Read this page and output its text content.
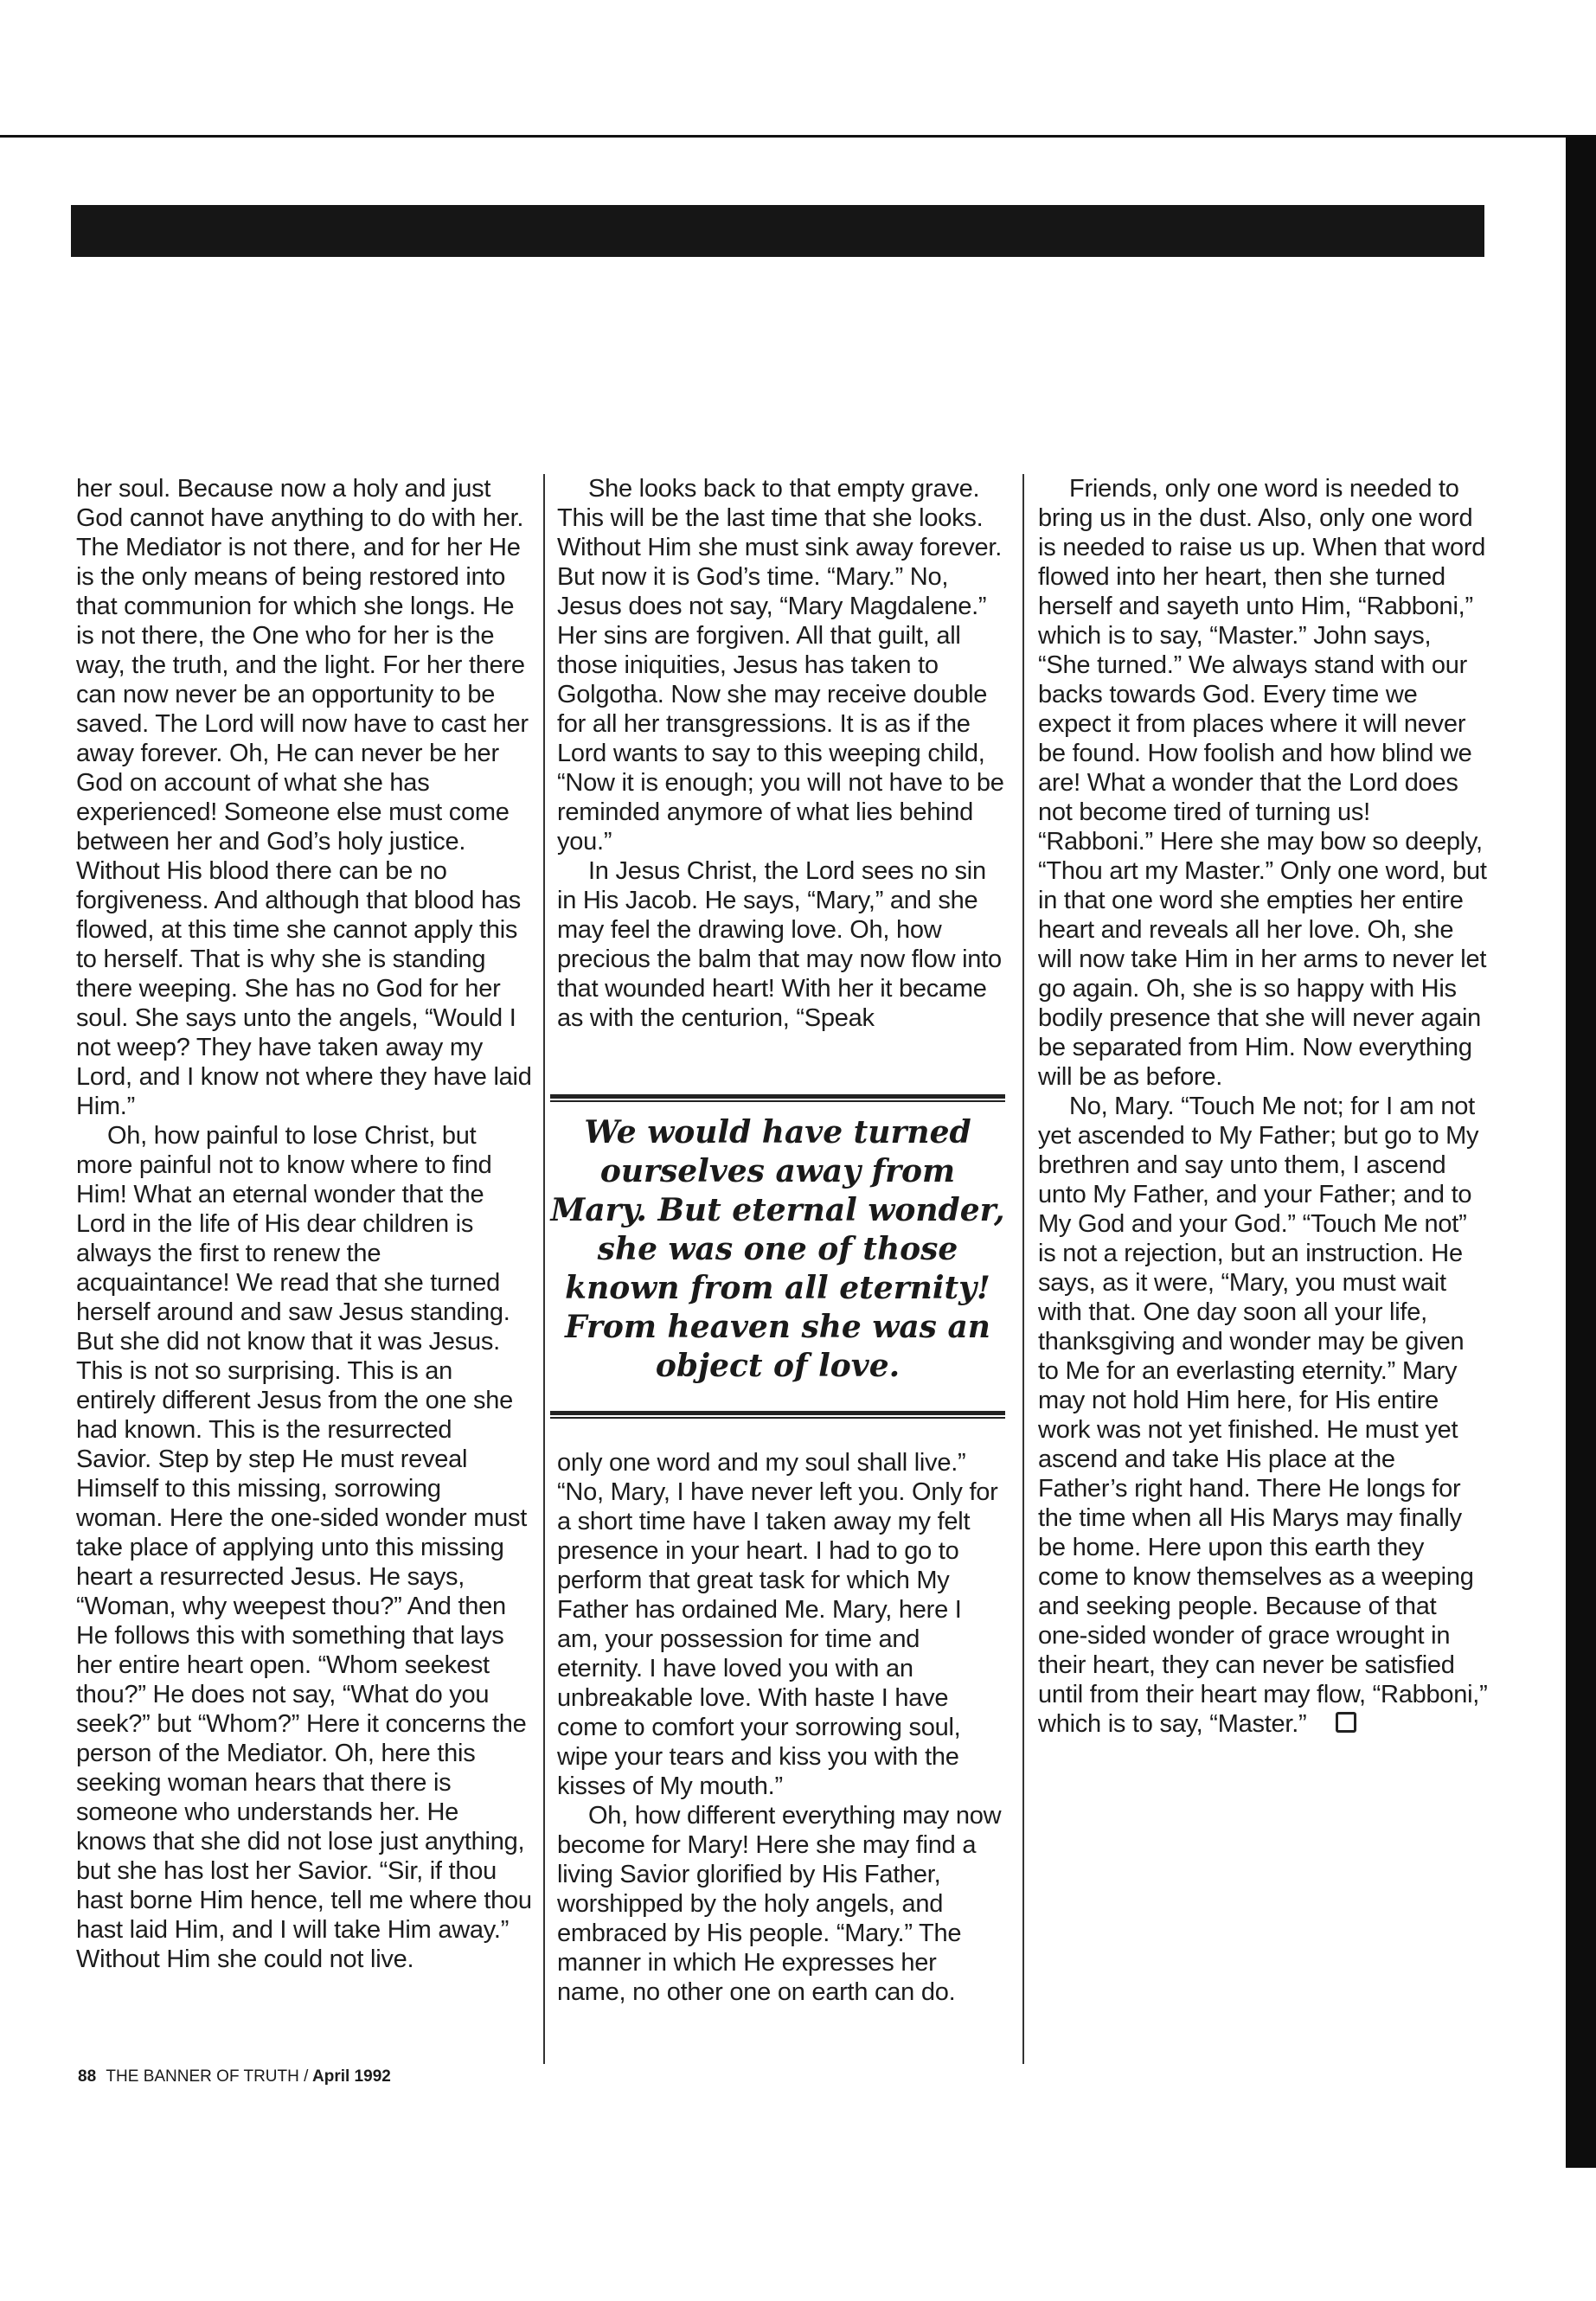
her soul. Because now a holy and just God cannot have anything to do with her. The Mediator is not there, and for her He is the only means of being restored into that communion for which she longs. He is not there, the One who for her is the way, the truth, and the light. For her there can now never be an opportunity to be saved. The Lord will now have to cast her away forever. Oh, He can never be her God on account of what she has experienced! Someone else must come between her and God’s holy justice. Without His blood there can be no forgiveness. And although that blood has flowed, at this time she cannot apply this to herself. That is why she is standing there weeping. She has no God for her soul. She says unto the angels, “Would I not weep? They have taken away my Lord, and I know not where they have laid Him.”

Oh, how painful to lose Christ, but more painful not to know where to find Him! What an eternal wonder that the Lord in the life of His dear children is always the first to renew the acquaintance! We read that she turned herself around and saw Jesus standing. But she did not know that it was Jesus. This is not so surprising. This is an entirely different Jesus from the one she had known. This is the resurrected Savior. Step by step He must reveal Himself to this missing, sorrowing woman. Here the one-sided wonder must take place of applying unto this missing heart a resurrected Jesus. He says, “Woman, why weepest thou?” And then He follows this with something that lays her entire heart open. “Whom seekest thou?” He does not say, “What do you seek?” but “Whom?” Here it concerns the person of the Mediator. Oh, here this seeking woman hears that there is someone who understands her. He knows that she did not lose just anything, but she has lost her Savior. “Sir, if thou hast borne Him hence, tell me where thou hast laid Him, and I will take Him away.” Without Him she could not live.

She looks back to that empty grave. This will be the last time that she looks. Without Him she must sink away forever. But now it is God’s time. “Mary.” No, Jesus does not say, “Mary Magdalene.” Her sins are forgiven. All that guilt, all those iniquities, Jesus has taken to Golgotha. Now she may receive double for all her transgressions. It is as if the Lord wants to say to this weeping child, “Now it is enough; you will not have to be reminded anymore of what lies behind you.”

In Jesus Christ, the Lord sees no sin in His Jacob. He says, “Mary,” and she may feel the drawing love. Oh, how precious the balm that may now flow into that wounded heart! With her it became as with the centurion, “Speak

We would have turned ourselves away from Mary. But eternal wonder, she was one of those known from all eternity! From heaven she was an object of love.

only one word and my soul shall live.” “No, Mary, I have never left you. Only for a short time have I taken away my felt presence in your heart. I had to go to perform that great task for which My Father has ordained Me. Mary, here I am, your possession for time and eternity. I have loved you with an unbreakable love. With haste I have come to comfort your sorrowing soul, wipe your tears and kiss you with the kisses of My mouth.”

Oh, how different everything may now become for Mary! Here she may find a living Savior glorified by His Father, worshipped by the holy angels, and embraced by His people. “Mary.” The manner in which He expresses her name, no other one on earth can do.

Friends, only one word is needed to bring us in the dust. Also, only one word is needed to raise us up. When that word flowed into her heart, then she turned herself and sayeth unto Him, “Rabboni,” which is to say, “Master.” John says, “She turned.” We always stand with our backs towards God. Every time we expect it from places where it will never be found. How foolish and how blind we are! What a wonder that the Lord does not become tired of turning us! “Rabboni.” Here she may bow so deeply, “Thou art my Master.” Only one word, but in that one word she empties her entire heart and reveals all her love. Oh, she will now take Him in her arms to never let go again. Oh, she is so happy with His bodily presence that she will never again be separated from Him. Now everything will be as before.

No, Mary. “Touch Me not; for I am not yet ascended to My Father; but go to My brethren and say unto them, I ascend unto My Father, and your Father; and to My God and your God.” “Touch Me not” is not a rejection, but an instruction. He says, as it were, “Mary, you must wait with that. One day soon all your life, thanksgiving and wonder may be given to Me for an everlasting eternity.” Mary may not hold Him here, for His entire work was not yet finished. He must yet ascend and take His place at the Father’s right hand. There He longs for the time when all His Marys may finally be home. Here upon this earth they come to know themselves as a weeping and seeking people. Because of that one-sided wonder of grace wrought in their heart, they can never be satisfied until from their heart may flow, “Rabboni,” which is to say, “Master.”

88 THE BANNER OF TRUTH / April 1992
